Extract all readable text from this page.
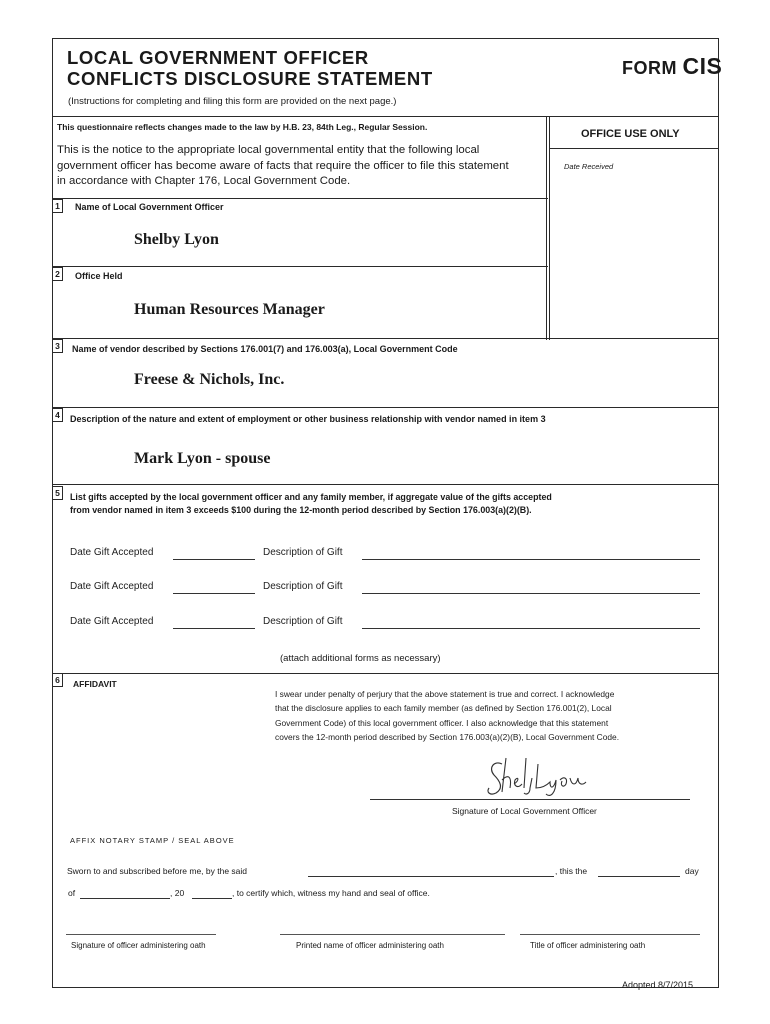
LOCAL GOVERNMENT OFFICER
CONFLICTS DISCLOSURE STATEMENT	FORM CIS
(Instructions for completing and filing this form are provided on the next page.)
This questionnaire reflects changes made to the law by H.B. 23, 84th Leg., Regular Session.
This is the notice to the appropriate local governmental entity that the following local
government officer has become aware of facts that require the officer to file this statement
in accordance with Chapter 176, Local Government Code.
OFFICE USE ONLY
Date Received
1	Name of Local Government Officer
Shelby Lyon
2	Office Held
Human Resources Manager
3	Name of vendor described by Sections 176.001(7) and 176.003(a), Local Government Code
Freese & Nichols, Inc.
4	Description of the nature and extent of employment or other business relationship with vendor named in item 3
Mark Lyon - spouse
5	List gifts accepted by the local government officer and any family member, if aggregate value of the gifts accepted
from vendor named in item 3 exceeds $100 during the 12-month period described by Section 176.003(a)(2)(B).
Date Gift Accepted	Description of Gift
Date Gift Accepted	Description of Gift
Date Gift Accepted	Description of Gift
(attach additional forms as necessary)
6	AFFIDAVIT
I swear under penalty of perjury that the above statement is true and correct. I acknowledge
that the disclosure applies to each family member (as defined by Section 176.001(2), Local
Government Code) of this local government officer. I also acknowledge that this statement
covers the 12-month period described by Section 176.003(a)(2)(B), Local Government Code.
Signature of Local Government Officer
AFFIX NOTARY STAMP / SEAL ABOVE
Sworn to and subscribed before me, by the said	, this the	day
of	, 20	, to certify which, witness my hand and seal of office.
Signature of officer administering oath	Printed name of officer administering oath	Title of officer administering oath
Adopted 8/7/2015
